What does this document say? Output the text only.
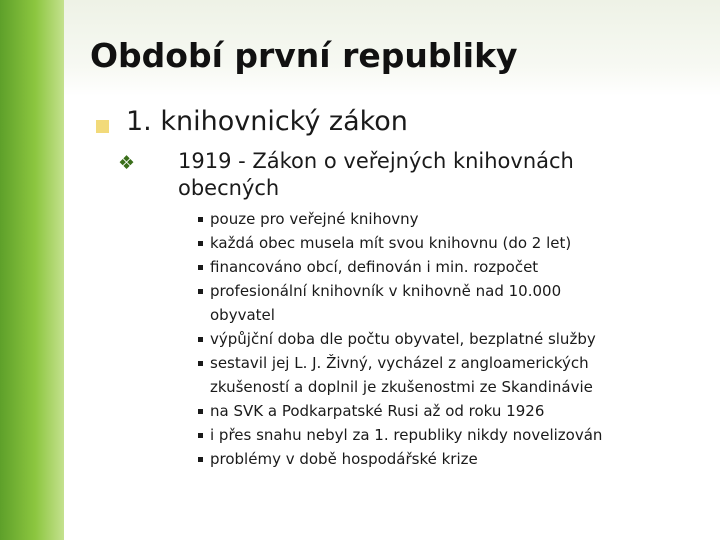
Období první republiky
1. knihovnický zákon
❖ 1919 - Zákon o veřejných knihovnách
obecných
pouze pro veřejné knihovny
každá obec musela mít svou knihovnu (do 2 let)
financováno obcí, definován i min. rozpočet
profesionální knihovník v knihovně nad 10.000
obyvatel
výpůjční doba dle počtu obyvatel, bezplatné služby
sestavil jej L. J. Živný, vycházel z angloamerických
zkušeností a doplnil je zkušenostmi ze Skandinávie
na SVK a Podkarpatské Rusi až od roku 1926
i přes snahu nebyl za 1. republiky nikdy novelizován
problémy v době hospodářské krize
